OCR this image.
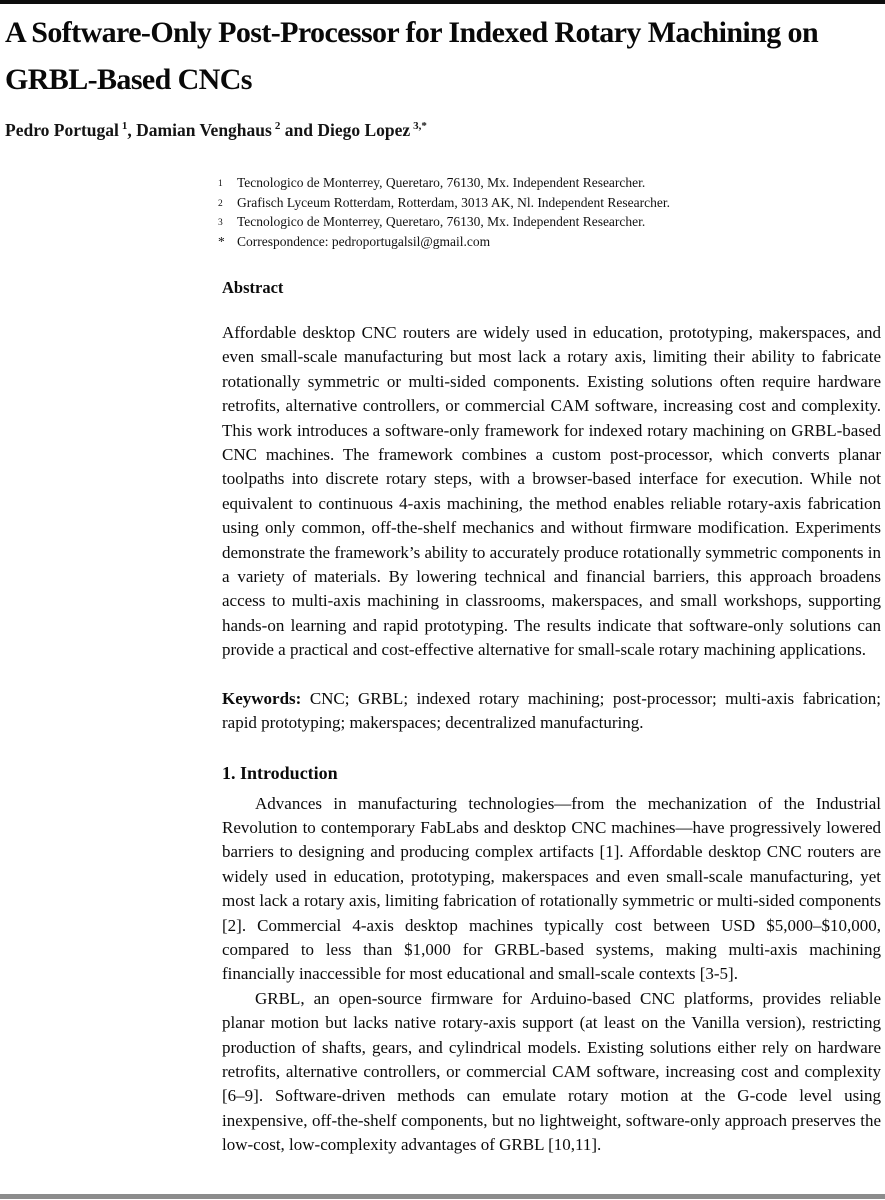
A Software-Only Post-Processor for Indexed Rotary Machining on GRBL-Based CNCs
Pedro Portugal $^1$, Damian Venghaus $^2$ and Diego Lopez $^{3,*}$
1	Tecnologico de Monterrey, Queretaro, 76130, Mx. Independent Researcher.
2	Grafisch Lyceum Rotterdam, Rotterdam, 3013 AK, Nl. Independent Researcher.
3	Tecnologico de Monterrey, Queretaro, 76130, Mx. Independent Researcher.
* Correspondence: pedroportugalsil@gmail.com
Abstract

Affordable desktop CNC routers are widely used in education, prototyping, makerspaces, and even small-scale manufacturing but most lack a rotary axis, limiting their ability to fabricate rotationally symmetric or multi-sided components. Existing solutions often require hardware retrofits, alternative controllers, or commercial CAM software, increasing cost and complexity. This work introduces a software-only framework for indexed rotary machining on GRBL-based CNC machines. The framework combines a custom post-processor, which converts planar toolpaths into discrete rotary steps, with a browser-based interface for execution. While not equivalent to continuous 4-axis machining, the method enables reliable rotary-axis fabrication using only common, off-the-shelf mechanics and without firmware modification. Experiments demonstrate the framework’s ability to accurately produce rotationally symmetric components in a variety of materials. By lowering technical and financial barriers, this approach broadens access to multi-axis machining in classrooms, makerspaces, and small workshops, supporting hands-on learning and rapid prototyping. The results indicate that software-only solutions can provide a practical and cost-effective alternative for small-scale rotary machining applications.

Keywords: CNC; GRBL; indexed rotary machining; post-processor; multi-axis fabrication; rapid prototyping; makerspaces; decentralized manufacturing.

1. Introduction

Advances in manufacturing technologies—from the mechanization of the Industrial Revolution to contemporary FabLabs and desktop CNC machines—have progressively lowered barriers to designing and producing complex artifacts [1]. Affordable desktop CNC routers are widely used in education, prototyping, makerspaces and even small-scale manufacturing, yet most lack a rotary axis, limiting fabrication of rotationally symmetric or multi-sided components [2]. Commercial 4-axis desktop machines typically cost between USD $5,000–$10,000, compared to less than $1,000 for GRBL-based systems, making multi-axis machining financially inaccessible for most educational and small-scale contexts [3-5].

GRBL, an open-source firmware for Arduino-based CNC platforms, provides reliable planar motion but lacks native rotary-axis support (at least on the Vanilla version), restricting production of shafts, gears, and cylindrical models. Existing solutions either rely on hardware retrofits, alternative controllers, or commercial CAM software, increasing cost and complexity [6–9]. Software-driven methods can emulate rotary motion at the G-code level using inexpensive, off-the-shelf components, but no lightweight, software-only approach preserves the low-cost, low-complexity advantages of GRBL [10,11].
